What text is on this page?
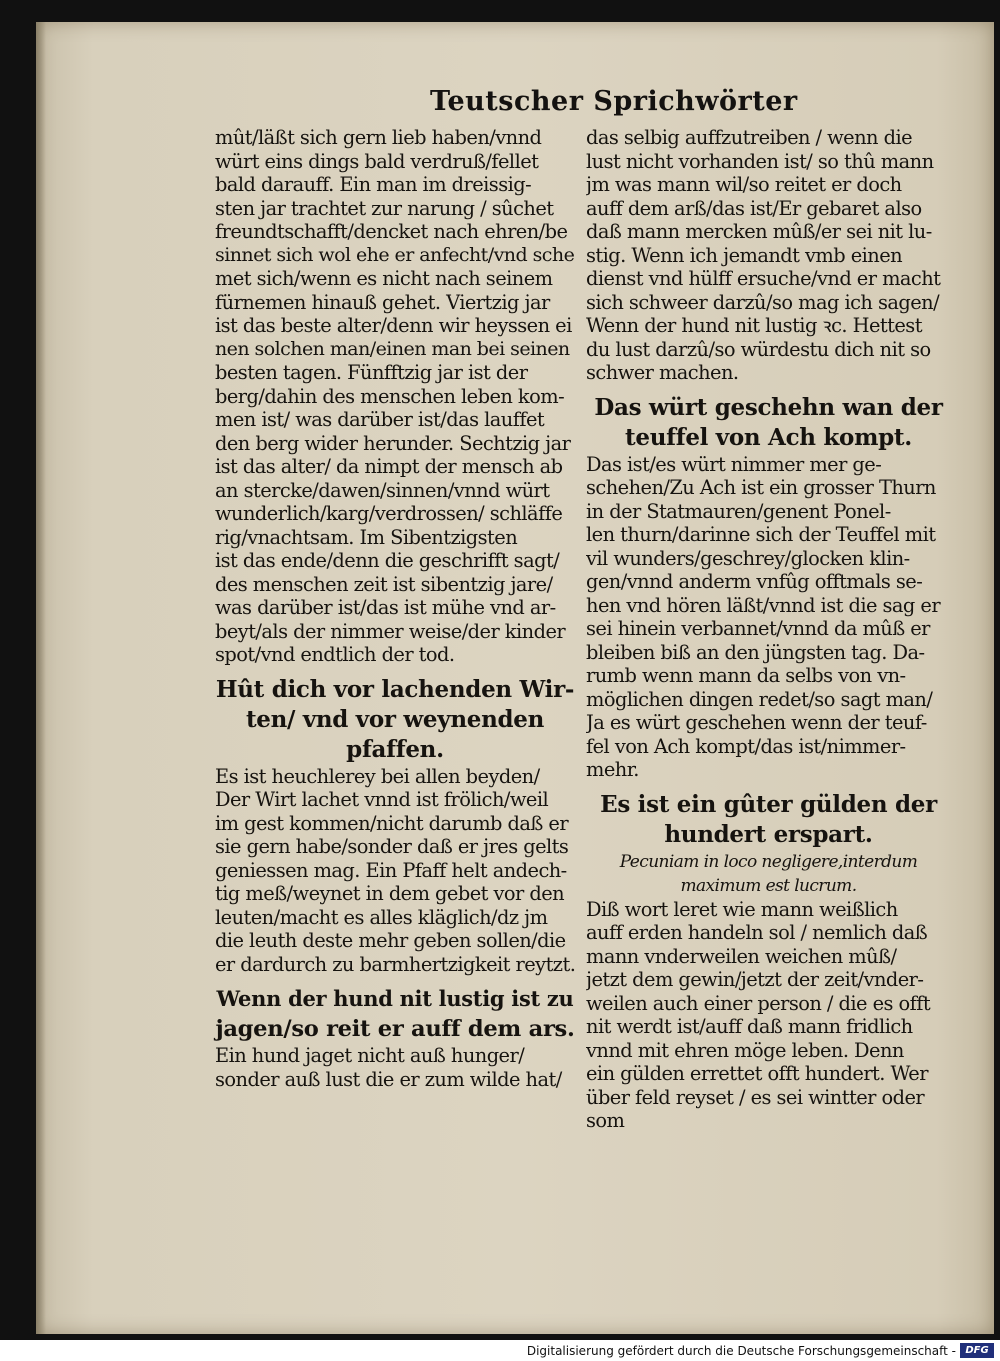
Teutscher Sprichwörter
mût/läßt sich gern lieb haben/vnnd
würt eins dings bald verdruß/fellet
bald darauff. Ein man im dreissig-
sten jar trachtet zur narung / sûchet
freundtschafft/dencket nach ehren/be
sinnet sich wol ehe er anfecht/vnd sche
met sich/wenn es nicht nach seinem
fürnemen hinauß gehet. Viertzig jar
ist das beste alter/denn wir heyssen ei
nen solchen man/einen man bei seinen
besten tagen. Fünfftzig jar ist der
berg/dahin des menschen leben kom-
men ist/ was darüber ist/das lauffet
den berg wider herunder. Sechtzig jar
ist das alter/ da nimpt der mensch ab
an stercke/dawen/sinnen/vnnd würt
wunderlich/karg/verdrossen/ schläffe
rig/vnachtsam. Im Sibentzigsten
ist das ende/denn die geschrifft sagt/
des menschen zeit ist sibentzig jare/
was darüber ist/das ist mühe vnd ar-
beyt/als der nimmer weise/der kinder
spot/vnd endtlich der tod.
Hût dich vor lachenden Wir-
ten/ vnd vor weynenden
pfaffen.
Es ist heuchlerey bei allen beyden/
Der Wirt lachet vnnd ist frölich/weil
im gest kommen/nicht darumb daß er
sie gern habe/sonder daß er jres gelts
geniessen mag. Ein Pfaff helt andech-
tig meß/weynet in dem gebet vor den
leuten/macht es alles kläglich/dz jm
die leuth deste mehr geben sollen/die
er dardurch zu barmhertzigkeit reytzt.
Wenn der hund nit lustig ist zu
jagen/so reit er auff dem ars.
Ein hund jaget nicht auß hunger/
sonder auß lust die er zum wilde hat/
das selbig auffzutreiben / wenn die
lust nicht vorhanden ist/ so thû mann
jm was mann wil/so reitet er doch
auff dem arß/das ist/Er gebaret also
daß mann mercken mûß/er sei nit lu-
stig. Wenn ich jemandt vmb einen
dienst vnd hülff ersuche/vnd er macht
sich schweer darzû/so mag ich sagen/
Wenn der hund nit lustig ꝛc. Hettest
du lust darzû/so würdestu dich nit so
schwer machen.
Das würt geschehn wan der
teuffel von Ach kompt.
Das ist/es würt nimmer mer ge-
schehen/Zu Ach ist ein grosser Thurn
in der Statmauren/genent Ponel-
len thurn/darinne sich der Teuffel mit
vil wunders/geschrey/glocken klin-
gen/vnnd anderm vnfûg offtmals se-
hen vnd hören läßt/vnnd ist die sag er
sei hinein verbannet/vnnd da mûß er
bleiben biß an den jüngsten tag. Da-
rumb wenn mann da selbs von vn-
möglichen dingen redet/so sagt man/
Ja es würt geschehen wenn der teuf-
fel von Ach kompt/das ist/nimmer-
mehr.
Es ist ein gûter gülden der
hundert erspart.
Pecuniam in loco negligere,interdum
maximum est lucrum.
Diß wort leret wie mann weißlich
auff erden handeln sol / nemlich daß
mann vnderweilen weichen mûß/
jetzt dem gewin/jetzt der zeit/vnder-
weilen auch einer person / die es offt
nit werdt ist/auff daß mann fridlich
vnnd mit ehren möge leben. Denn
ein gülden errettet offt hundert. Wer
über feld reyset / es sei wintter oder
som
Digitalisierung gefördert durch die Deutsche Forschungsgemeinschaft - DFG
